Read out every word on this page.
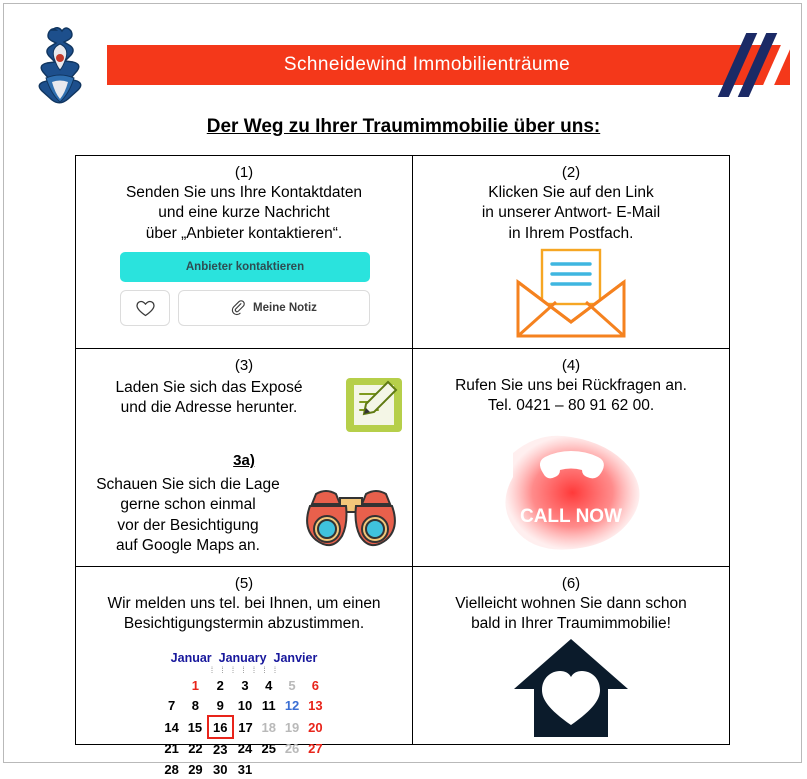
Schneidewind Immobilienträume
Der Weg zu Ihrer Traumimmobilie über uns:
(1)
Senden Sie uns Ihre Kontaktdaten
und eine kurze Nachricht
über „Anbieter kontaktieren“.
Anbieter kontaktieren
Meine Notiz
(2)
Klicken Sie auf den Link
in unserer Antwort- E-Mail
in Ihrem Postfach.
(3)
Laden Sie sich das Exposé
und die Adresse herunter.
3a)
Schauen Sie sich die Lage
gerne schon einmal
vor der Besichtigung
auf Google Maps an.
(4)
Rufen Sie uns bei Rückfragen an.
Tel. 0421 – 80 91 62 00.
CALL NOW
(5)
Wir melden uns tel. bei Ihnen, um einen
Besichtigungstermin abzustimmen.
Januar January Janvier
⁞  ⁞  ⁞  ⁞  ⁞  ⁞  ⁞
	1	2	3	4	5	6
7	8	9	10	11	12	13
14	15	16	17	18	19	20
21	22	23	24	25	26	27
28	29	30	31			
(6)
Vielleicht wohnen Sie dann schon
bald in Ihrer Traumimmobilie!
